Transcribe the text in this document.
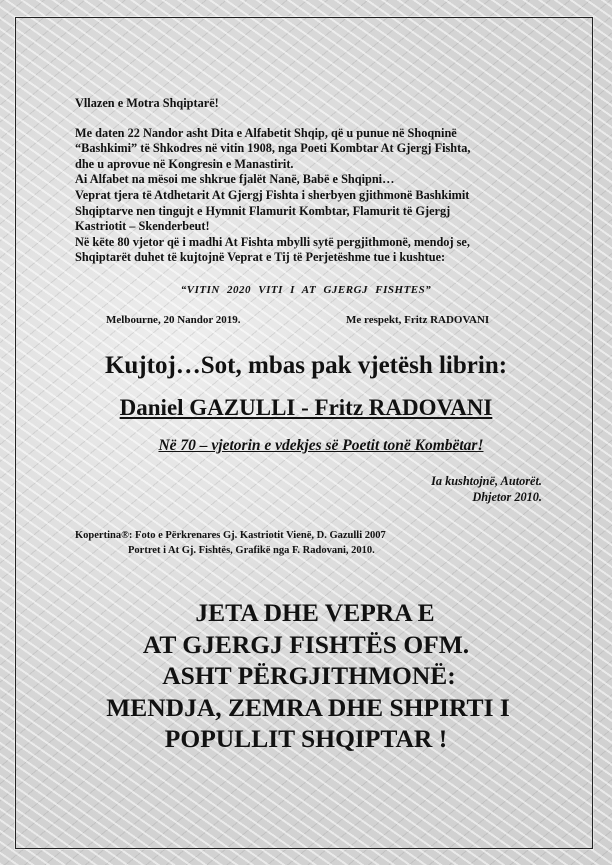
Vllazen e Motra Shqiptarë!

Me daten 22 Nandor asht Dita e Alfabetit Shqip, që u punue në Shoqninë

“Bashkimi” të Shkodres në vitin 1908, nga Poeti Kombtar At Gjergj Fishta,

dhe u aprovue në Kongresin e Manastirit.

Ai Alfabet na mësoi me shkrue fjalët Nanë, Babë e Shqipni…

Veprat tjera të Atdhetarit At Gjergj Fishta i sherbyen gjithmonë Bashkimit

Shqiptarve nen tingujt e Hymnit Flamurit Kombtar, Flamurit të Gjergj

Kastriotit – Skenderbeut!

Në këte 80 vjetor që i madhi At Fishta mbylli sytë pergjithmonë, mendoj se,

Shqiptarët duhet të kujtojnë Veprat e Tij të Perjetëshme tue i kushtue:

“VITIN 2020 VITI I AT GJERGJ FISHTES”

Melbourne, 20 Nandor 2019.	Me respekt, Fritz RADOVANI

Kujtoj…Sot, mbas pak vjetësh librin:

Daniel GAZULLI - Fritz RADOVANI

Në 70 – vjetorin e vdekjes së Poetit tonë Kombëtar!

Ia kushtojnë, Autorët.
Dhjetor 2010.
Kopertina®: Foto e Përkrenares Gj. Kastriotit Vienë, D. Gazulli 2007
Portret i At Gj. Fishtës, Grafikë nga F. Radovani, 2010.
JETA DHE VEPRA E
AT GJERGJ FISHTËS OFM.
ASHT PËRGJITHMONË:
MENDJA, ZEMRA DHE SHPIRTI I
POPULLIT SHQIPTAR !
